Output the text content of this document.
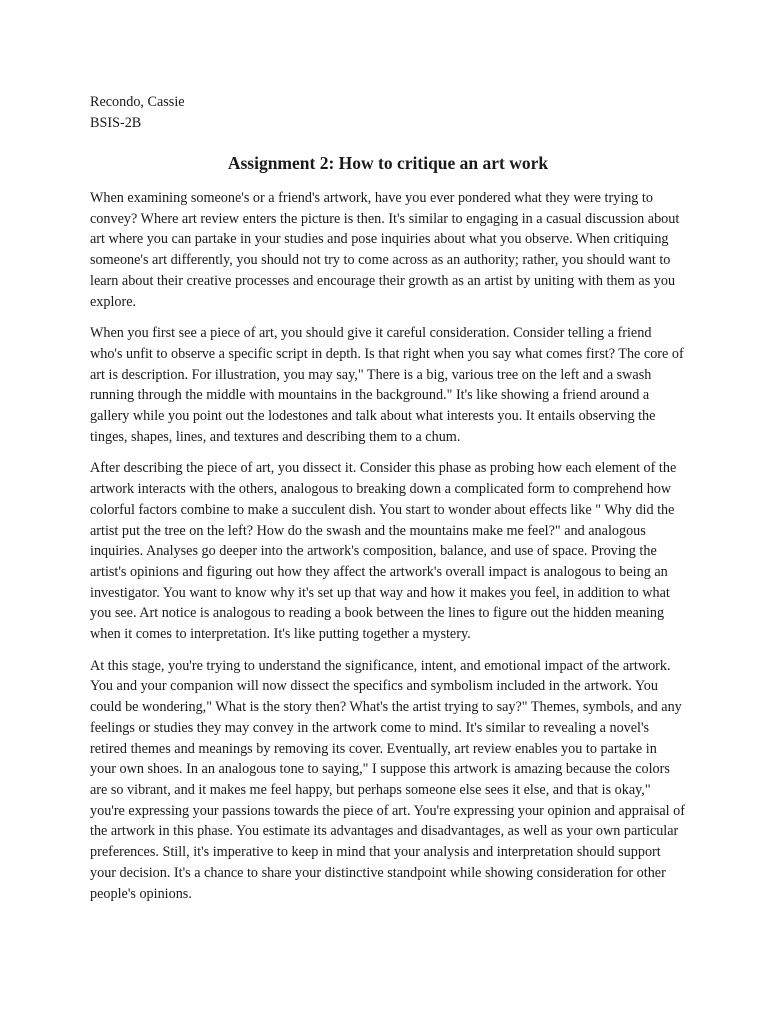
Recondo, Cassie
BSIS-2B
Assignment 2: How to critique an art work

When examining someone's or a friend's artwork, have you ever pondered what they were trying to convey? Where art review enters the picture is then. It's similar to engaging in a casual discussion about art where you can partake in your studies and pose inquiries about what you observe. When critiquing someone's art differently, you should not try to come across as an authority; rather, you should want to learn about their creative processes and encourage their growth as an artist by uniting with them as you explore.

When you first see a piece of art, you should give it careful consideration. Consider telling a friend who's unfit to observe a specific script in depth. Is that right when you say what comes first? The core of art is description. For illustration, you may say," There is a big, various tree on the left and a swash running through the middle with mountains in the background." It's like showing a friend around a gallery while you point out the lodestones and talk about what interests you. It entails observing the tinges, shapes, lines, and textures and describing them to a chum.

After describing the piece of art, you dissect it. Consider this phase as probing how each element of the artwork interacts with the others, analogous to breaking down a complicated form to comprehend how colorful factors combine to make a succulent dish. You start to wonder about effects like " Why did the artist put the tree on the left? How do the swash and the mountains make me feel?" and analogous inquiries. Analyses go deeper into the artwork's composition, balance, and use of space. Proving the artist's opinions and figuring out how they affect the artwork's overall impact is analogous to being an investigator. You want to know why it's set up that way and how it makes you feel, in addition to what you see. Art notice is analogous to reading a book between the lines to figure out the hidden meaning when it comes to interpretation. It's like putting together a mystery.

At this stage, you're trying to understand the significance, intent, and emotional impact of the artwork. You and your companion will now dissect the specifics and symbolism included in the artwork. You could be wondering," What is the story then? What's the artist trying to say?" Themes, symbols, and any feelings or studies they may convey in the artwork come to mind. It's similar to revealing a novel's retired themes and meanings by removing its cover. Eventually, art review enables you to partake in your own shoes. In an analogous tone to saying," I suppose this artwork is amazing because the colors are so vibrant, and it makes me feel happy, but perhaps someone else sees it else, and that is okay," you're expressing your passions towards the piece of art. You're expressing your opinion and appraisal of the artwork in this phase. You estimate its advantages and disadvantages, as well as your own particular preferences. Still, it's imperative to keep in mind that your analysis and interpretation should support your decision. It's a chance to share your distinctive standpoint while showing consideration for other people's opinions.
